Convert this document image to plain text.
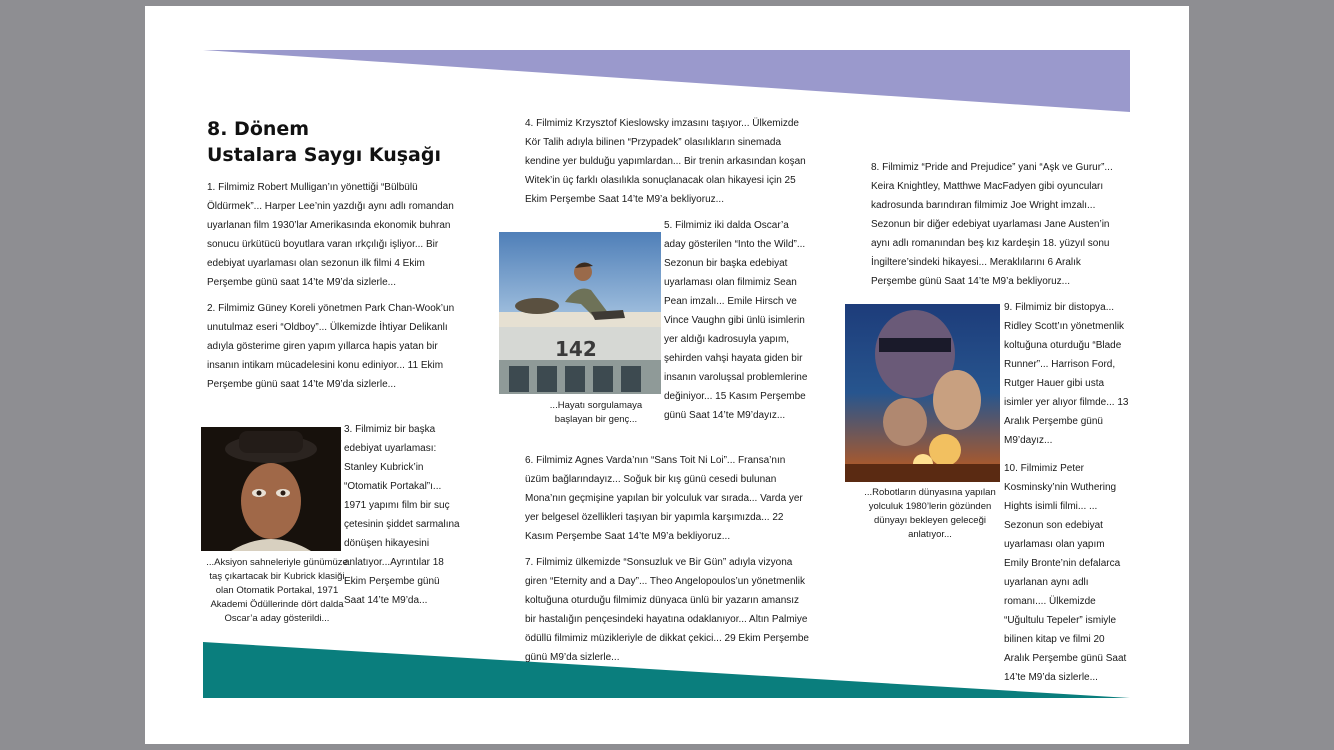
8. Dönem
Ustalara Saygı Kuşağı

1. Filmimiz Robert Mulligan’ın yönettiği “Bülbülü Öldürmek”... Harper Lee’nin yazdığı aynı adlı romandan uyarlanan film 1930’lar Amerikasında ekonomik buhran sonucu ürkütücü boyutlara varan ırkçılığı işliyor... Bir edebiyat uyarlaması olan sezonun ilk filmi 4 Ekim Perşembe günü saat 14’te M9’da sizlerle...

2. Filmimiz Güney Koreli yönetmen Park Chan-Wook’un unutulmaz eseri “Oldboy”... Ülkemizde İhtiyar Delikanlı adıyla gösterime giren yapım yıllarca hapis yatan bir insanın intikam mücadelesini konu ediniyor... 11 Ekim Perşembe günü saat 14’te M9’da sizlerle...

3. Filmimiz bir başka edebiyat uyarlaması: Stanley Kubrick’in “Otomatik Portakal”ı... 1971 yapımı film bir suç çetesinin şiddet sarmalına dönüşen hikayesini anlatıyor...Ayrıntılar 18 Ekim Perşembe günü Saat 14’te M9’da...

...Aksiyon sahneleriyle günümüze taş çıkartacak bir Kubrick klasiği olan Otomatik Portakal, 1971 Akademi Ödüllerinde dört dalda Oscar’a aday gösterildi...

4. Filmimiz Krzysztof Kieslowsky imzasını taşıyor... Ülkemizde Kör Talih adıyla bilinen “Przypadek” olasılıkların sinemada kendine yer bulduğu yapımlardan... Bir trenin arkasından koşan Witek’in üç farklı olasılıkla sonuçlanacak olan hikayesi için 25 Ekim Perşembe Saat 14’te M9’a bekliyoruz...

142

5. Filmimiz iki dalda Oscar’a aday gösterilen “Into the Wild”... Sezonun bir başka edebiyat uyarlaması olan filmimiz Sean Pean imzalı... Emile Hirsch ve Vince Vaughn gibi ünlü isimlerin yer aldığı kadrosuyla yapım, şehirden vahşi hayata giden bir insanın varoluşsal problemlerine değiniyor... 15 Kasım Perşembe günü Saat 14’te M9’dayız...

...Hayatı sorgulamaya başlayan bir genç...

6. Filmimiz Agnes Varda’nın “Sans Toit Ni Loi”... Fransa’nın üzüm bağlarındayız... Soğuk bir kış günü cesedi bulunan Mona’nın geçmişine yapılan bir yolculuk var sırada... Varda yer yer belgesel özellikleri taşıyan bir yapımla karşımızda... 22 Kasım Perşembe Saat 14’te M9’a bekliyoruz...

7. Filmimiz ülkemizde “Sonsuzluk ve Bir Gün” adıyla vizyona giren “Eternity and a Day”... Theo Angelopoulos’un yönetmenlik koltuğuna oturduğu filmimiz dünyaca ünlü bir yazarın amansız bir hastalığın pençesindeki hayatına odaklanıyor... Altın Palmiye ödüllü filmimiz müzikleriyle de dikkat çekici... 29 Ekim Perşembe günü M9’da sizlerle...

8. Filmimiz “Pride and Prejudice” yani “Aşk ve Gurur”... Keira Knightley, Matthwe MacFadyen gibi oyuncuları kadrosunda barındıran filmimiz Joe Wright imzalı... Sezonun bir diğer edebiyat uyarlaması Jane Austen’in aynı adlı romanından beş kız kardeşin 18. yüzyıl sonu İngiltere’sindeki hikayesi... Meraklılarını 6 Aralık Perşembe günü Saat 14’te M9’a bekliyoruz...

9. Filmimiz bir distopya... Ridley Scott’ın yönetmenlik koltuğuna oturduğu “Blade Runner”... Harrison Ford, Rutger Hauer gibi usta isimler yer alıyor filmde... 13 Aralık Perşembe günü M9’dayız...

...Robotların dünyasına yapılan yolculuk 1980’lerin gözünden dünyayı bekleyen geleceği anlatıyor...

10. Filmimiz Peter Kosminsky’nin Wuthering Hights isimli filmi... ... Sezonun son edebiyat uyarlaması olan yapım Emily Bronte’nin defalarca uyarlanan aynı adlı romanı.... Ülkemizde “Uğultulu Tepeler” ismiyle bilinen kitap ve filmi 20 Aralık Perşembe günü Saat 14’te M9’da sizlerle...
